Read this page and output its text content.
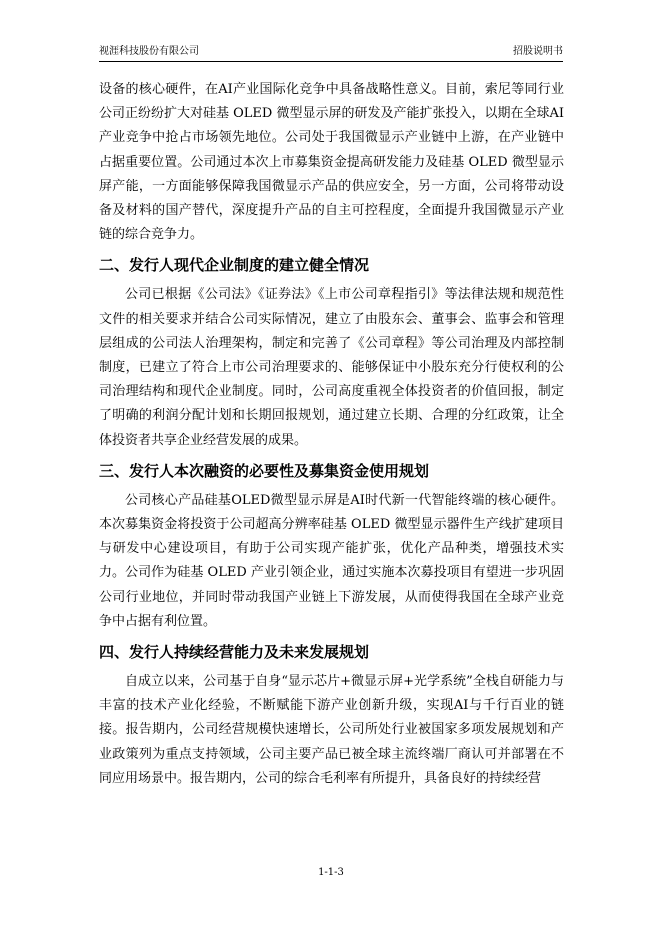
视涯科技股份有限公司	招股说明书

设备的核心硬件，在AI产业国际化竞争中具备战略性意义。目前，索尼等同行业公司正纷纷扩大对硅基 OLED 微型显示屏的研发及产能扩张投入，以期在全球AI产业竞争中抢占市场领先地位。公司处于我国微显示产业链中上游，在产业链中占据重要位置。公司通过本次上市募集资金提高研发能力及硅基 OLED 微型显示屏产能，一方面能够保障我国微显示产品的供应安全，另一方面，公司将带动设备及材料的国产替代，深度提升产品的自主可控程度，全面提升我国微显示产业链的综合竞争力。

二、发行人现代企业制度的建立健全情况

公司已根据《公司法》《证券法》《上市公司章程指引》等法律法规和规范性文件的相关要求并结合公司实际情况，建立了由股东会、董事会、监事会和管理层组成的公司法人治理架构，制定和完善了《公司章程》等公司治理及内部控制制度，已建立了符合上市公司治理要求的、能够保证中小股东充分行使权利的公司治理结构和现代企业制度。同时，公司高度重视全体投资者的价值回报，制定了明确的利润分配计划和长期回报规划，通过建立长期、合理的分红政策，让全体投资者共享企业经营发展的成果。

三、发行人本次融资的必要性及募集资金使用规划

公司核心产品硅基OLED微型显示屏是AI时代新一代智能终端的核心硬件。本次募集资金将投资于公司超高分辨率硅基 OLED 微型显示器件生产线扩建项目与研发中心建设项目，有助于公司实现产能扩张，优化产品种类，增强技术实力。公司作为硅基 OLED 产业引领企业，通过实施本次募投项目有望进一步巩固公司行业地位，并同时带动我国产业链上下游发展，从而使得我国在全球产业竞争中占据有利位置。

四、发行人持续经营能力及未来发展规划

自成立以来，公司基于自身“显示芯片+微显示屏+光学系统”全栈自研能力与丰富的技术产业化经验，不断赋能下游产业创新升级，实现AI与千行百业的链接。报告期内，公司经营规模快速增长，公司所处行业被国家多项发展规划和产业政策列为重点支持领域，公司主要产品已被全球主流终端厂商认可并部署在不同应用场景中。报告期内，公司的综合毛利率有所提升，具备良好的持续经营

1-1-3
